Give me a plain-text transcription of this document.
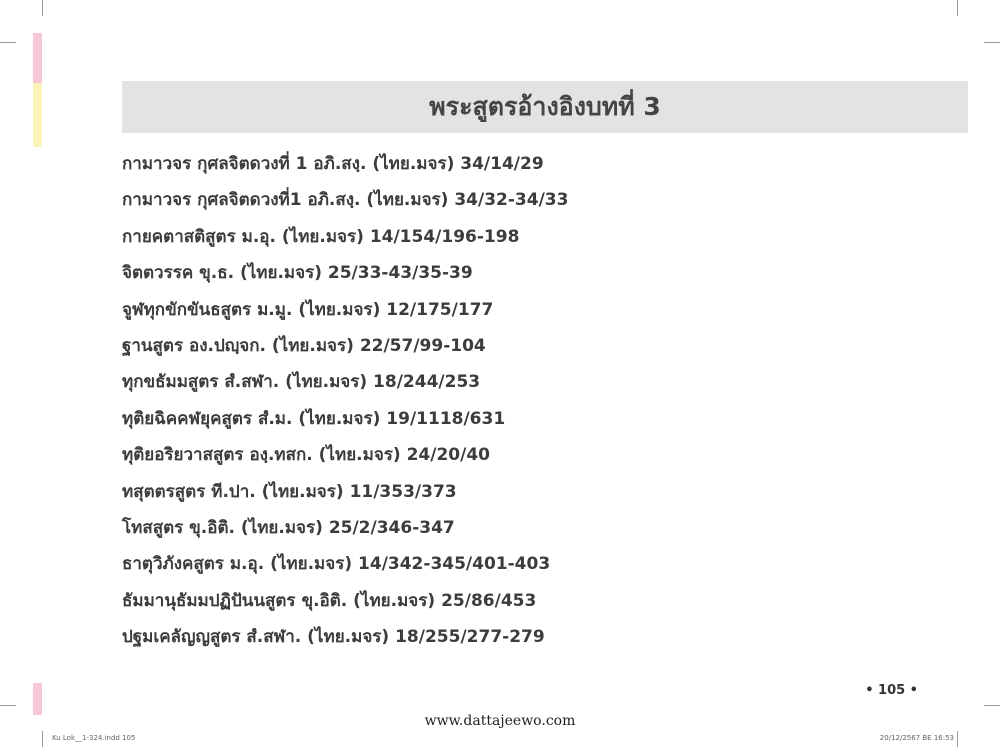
พระสูตรอ้างอิงบทที่ 3
กามาวจร กุศลจิตดวงที่ 1 อภิ.สงฺ. (ไทย.มจร) 34/14/29
กามาวจร กุศลจิตดวงที่1 อภิ.สงฺ. (ไทย.มจร) 34/32-34/33
กายคตาสติสูตร ม.อุ. (ไทย.มจร) 14/154/196-198
จิตตวรรค ขุ.ธ. (ไทย.มจร) 25/33-43/35-39
จูฬทุกขักขันธสูตร ม.มู. (ไทย.มจร) 12/175/177
ฐานสูตร อง.ปญฺจก. (ไทย.มจร) 22/57/99-104
ทุกขธัมมสูตร สํ.สฬา. (ไทย.มจร) 18/244/253
ทุติยฉิคคฬยุคสูตร สํ.ม. (ไทย.มจร) 19/1118/631
ทุติยอริยวาสสูตร องฺ.ทสก. (ไทย.มจร) 24/20/40
ทสุตตรสูตร ที.ปา. (ไทย.มจร) 11/353/373
โทสสูตร ขุ.อิติ. (ไทย.มจร) 25/2/346-347
ธาตุวิภังคสูตร ม.อุ. (ไทย.มจร) 14/342-345/401-403
ธัมมานุธัมมปฏิปันนสูตร ขุ.อิติ. (ไทย.มจร) 25/86/453
ปฐมเคลัญญสูตร สํ.สฬา. (ไทย.มจร) 18/255/277-279
• 105 •
www.dattajeewo.com
Ku Lok__1-324.indd 105	20/12/2567 BE 16:53
